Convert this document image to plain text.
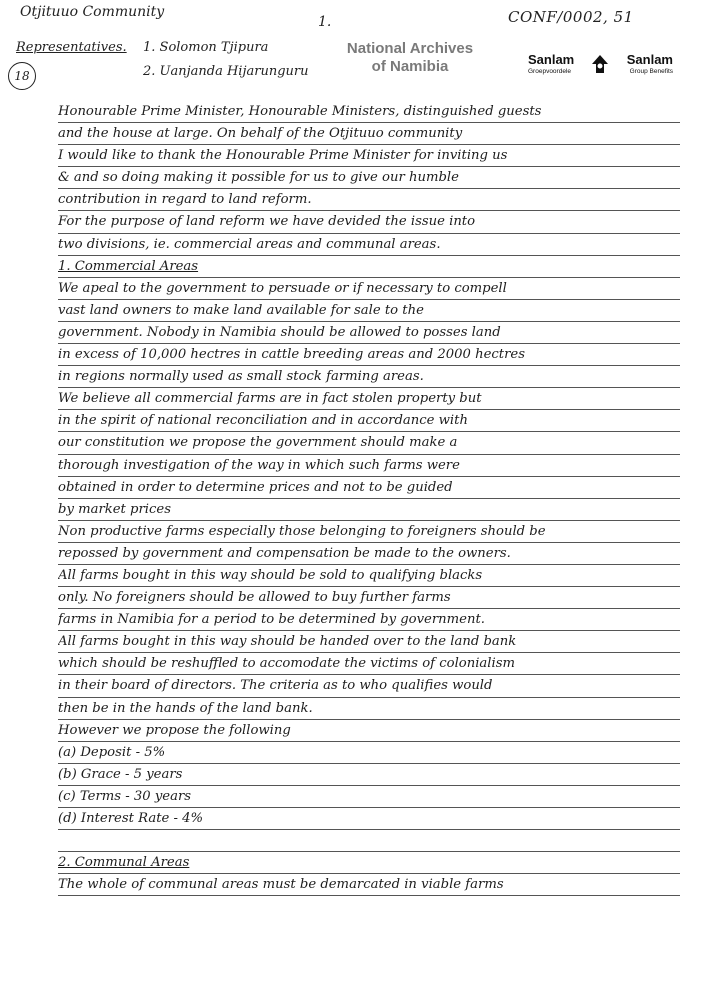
Otjituuo Community
1.	CONF/0002, 51
Representatives. 1. Solomon Tjipura
2. Uanjanda Hijarunguru
18
National Archives
of Namibia	Sanlam	Sanlam
Groepvoordele	Group Benefits
Honourable Prime Minister, Honourable Ministers, distinguished guests
and the house at large. On behalf of the Otjituuo community
I would like to thank the Honourable Prime Minister for inviting us
& and so doing making it possible for us to give our humble
contribution in regard to land reform.
For the purpose of land reform we have devided the issue into
two divisions, ie. commercial areas and communal areas.
1. Commercial Areas
We apeal to the government to persuade or if necessary to compell
vast land owners to make land available for sale to the
government. Nobody in Namibia should be allowed to posses land
in excess of 10,000 hectres in cattle breeding areas and 2000 hectres
in regions normally used as small stock farming areas.
We believe all commercial farms are in fact stolen property but
in the spirit of national reconciliation and in accordance with
our constitution we propose the government should make a
thorough investigation of the way in which such farms were
obtained in order to determine prices and not to be guided
by market prices
Non productive farms especially those belonging to foreigners should be
repossed by government and compensation be made to the owners.
All farms bought in this way should be sold to qualifying blacks
only. No foreigners should be allowed to buy further farms
farms in Namibia for a period to be determined by government.
All farms bought in this way should be handed over to the land bank
which should be reshuffled to accomodate the victims of colonialism
in their board of directors. The criteria as to who qualifies would
then be in the hands of the land bank.
However we propose the following
(a) Deposit - 5%
(b) Grace - 5 years
(c) Terms - 30 years
(d) Interest Rate - 4%
2. Communal Areas
The whole of communal areas must be demarcated in viable farms
